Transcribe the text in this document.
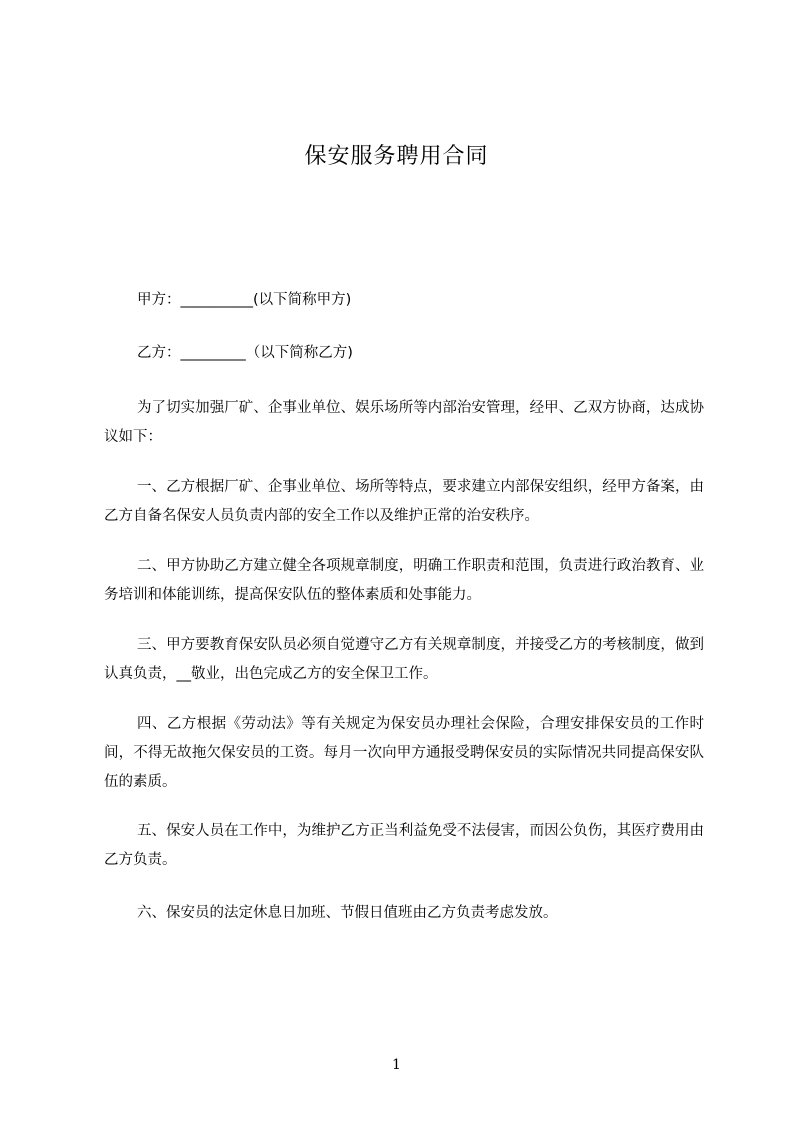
保安服务聘用合同
甲方：__________(以下简称甲方)
乙方：_________（以下简称乙方)
为了切实加强厂矿、企事业单位、娱乐场所等内部治安管理，经甲、乙双方协商，达成协议如下：
一、乙方根据厂矿、企事业单位、场所等特点，要求建立内部保安组织，经甲方备案，由乙方自备名保安人员负责内部的安全工作以及维护正常的治安秩序。
二、甲方协助乙方建立健全各项规章制度，明确工作职责和范围，负责进行政治教育、业务培训和体能训练，提高保安队伍的整体素质和处事能力。
三、甲方要教育保安队员必须自觉遵守乙方有关规章制度，并接受乙方的考核制度，做到认真负责，__敬业，出色完成乙方的安全保卫工作。
四、乙方根据《劳动法》等有关规定为保安员办理社会保险，合理安排保安员的工作时间，不得无故拖欠保安员的工资。每月一次向甲方通报受聘保安员的实际情况共同提高保安队伍的素质。
五、保安人员在工作中，为维护乙方正当利益免受不法侵害，而因公负伤，其医疗费用由乙方负责。
六、保安员的法定休息日加班、节假日值班由乙方负责考虑发放。
1
